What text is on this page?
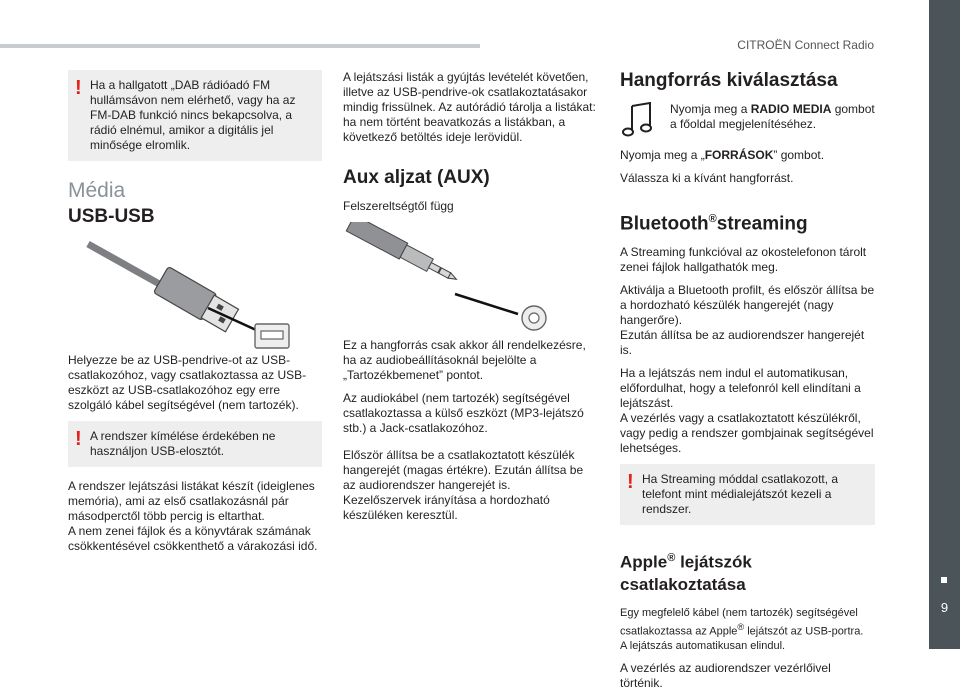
CITROËN Connect Radio
9
! Ha a hallgatott „DAB rádióadó FM hullámsávon nem elérhető, vagy ha az FM-DAB funkció nincs bekapcsolva, a rádió elnémul, amikor a digitális jel minősége elromlik.
Média
USB-USB

Helyezze be az USB-pendrive-ot az USB-csatlakozóhoz, vagy csatlakoztassa az USB-eszközt az USB-csatlakozóhoz egy erre szolgáló kábel segítségével (nem tartozék).

! A rendszer kímélése érdekében ne használjon USB-elosztót.

A rendszer lejátszási listákat készít (ideiglenes memória), ami az első csatlakozásnál pár másodperctől több percig is eltarthat.

A nem zenei fájlok és a könyvtárak számának csökkentésével csökkenthető a várakozási idő.

A lejátszási listák a gyújtás levételét követően, illetve az USB-pendrive-ok csatlakoztatásakor mindig frissülnek. Az autórádió tárolja a listákat: ha nem történt beavatkozás a listákban, a következő betöltés ideje lerövidül.

Aux aljzat (AUX)

Felszereltségtől függ

Ez a hangforrás csak akkor áll rendelkezésre, ha az audiobeállításoknál bejelölte a „Tartozékbemenet” pontot.

Az audiokábel (nem tartozék) segítségével csatlakoztassa a külső eszközt (MP3-lejátszó stb.) a Jack-csatlakozóhoz.

Először állítsa be a csatlakoztatott készülék hangerejét (magas értékre). Ezután állítsa be az audiorendszer hangerejét is.

Kezelőszervek irányítása a hordozható készüléken keresztül.

Hangforrás kiválasztása
Nyomja meg a RADIO MEDIA gombot a főoldal megjelenítéséhez.

Nyomja meg a „FORRÁSOK” gombot.

Válassza ki a kívánt hangforrást.

Bluetooth®streaming

A Streaming funkcióval az okostelefonon tárolt zenei fájlok hallgathatók meg.

Aktiválja a Bluetooth profilt, és először állítsa be a hordozható készülék hangerejét (nagy hangerőre).

Ezután állítsa be az audiorendszer hangerejét is.

Ha a lejátszás nem indul el automatikusan, előfordulhat, hogy a telefonról kell elindítani a lejátszást.

A vezérlés vagy a csatlakoztatott készülékről, vagy pedig a rendszer gombjainak segítségével lehetséges.

! Ha Streaming móddal csatlakozott, a telefont mint médialejátszót kezeli a rendszer.
Apple® lejátszók csatlakoztatása

Egy megfelelő kábel (nem tartozék) segítségével csatlakoztassa az Apple® lejátszót az USB-portra.

A lejátszás automatikusan elindul.

A vezérlés az audiorendszer vezérlőivel történik.
